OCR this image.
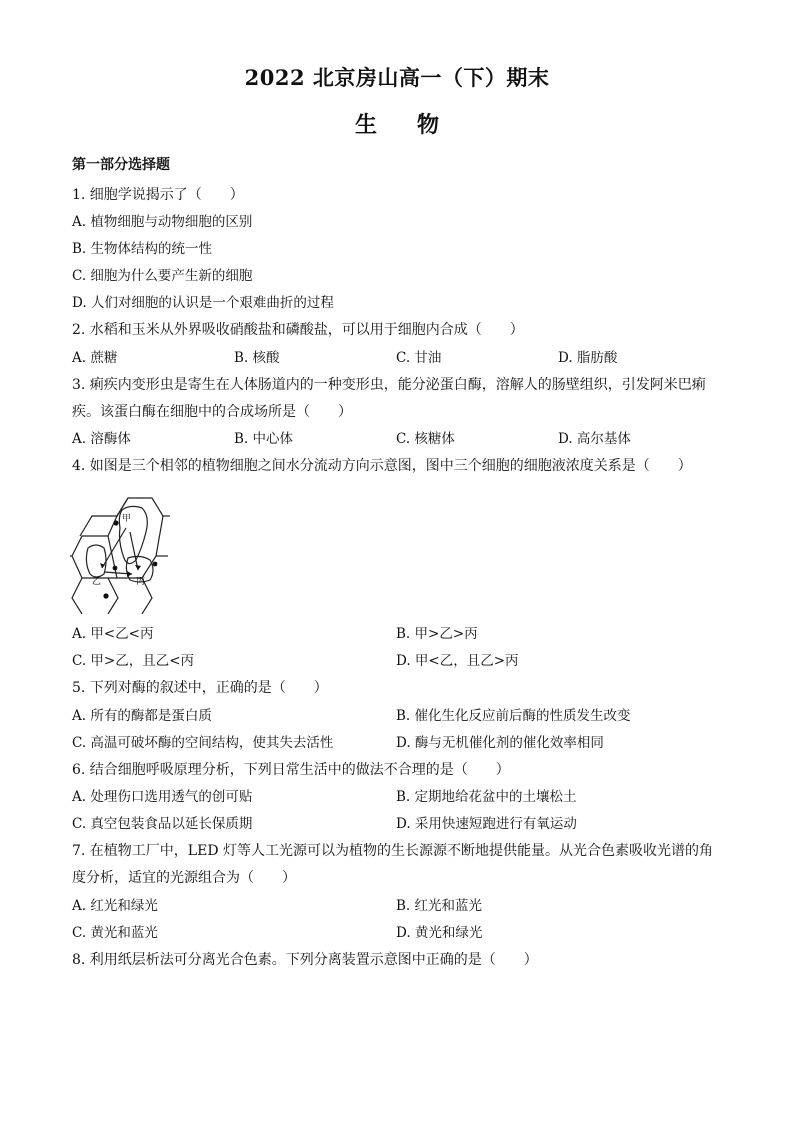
2022 北京房山高一（下）期末
生物
第一部分选择题
1. 细胞学说揭示了（　　）
A. 植物细胞与动物细胞的区别
B. 生物体结构的统一性
C. 细胞为什么要产生新的细胞
D. 人们对细胞的认识是一个艰难曲折的过程
2. 水稻和玉米从外界吸收硝酸盐和磷酸盐，可以用于细胞内合成（　　）
A. 蔗糖	B. 核酸	C. 甘油	D. 脂肪酸
3. 痢疾内变形虫是寄生在人体肠道内的一种变形虫，能分泌蛋白酶，溶解人的肠壁组织，引发阿米巴痢
疾。该蛋白酶在细胞中的合成场所是（　　）
A. 溶酶体	B. 中心体	C. 核糖体	D. 高尔基体
4. 如图是三个相邻的植物细胞之间水分流动方向示意图，图中三个细胞的细胞液浓度关系是（　　）
甲
乙	丙
A. 甲<乙<丙	B. 甲>乙>丙
C. 甲>乙，且乙<丙	D. 甲<乙，且乙>丙
5. 下列对酶的叙述中，正确的是（　　）
A. 所有的酶都是蛋白质	B. 催化生化反应前后酶的性质发生改变
C. 高温可破坏酶的空间结构，使其失去活性	D. 酶与无机催化剂的催化效率相同
6. 结合细胞呼吸原理分析，下列日常生活中的做法不合理的是（　　）
A. 处理伤口选用透气的创可贴	B. 定期地给花盆中的土壤松土
C. 真空包装食品以延长保质期	D. 采用快速短跑进行有氧运动
7. 在植物工厂中，LED 灯等人工光源可以为植物的生长源源不断地提供能量。从光合色素吸收光谱的角
度分析，适宜的光源组合为（　　）
A. 红光和绿光	B. 红光和蓝光
C. 黄光和蓝光	D. 黄光和绿光
8. 利用纸层析法可分离光合色素。下列分离装置示意图中正确的是（　　）
